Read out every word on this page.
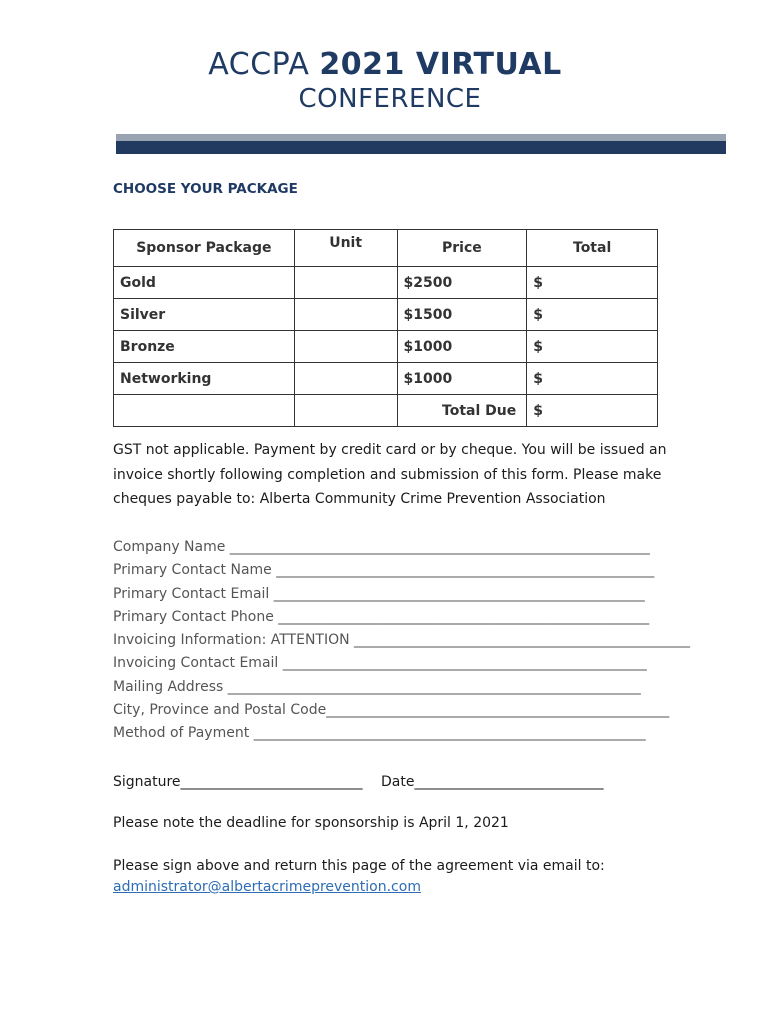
ACCPA 2021 VIRTUAL
CONFERENCE
CHOOSE YOUR PACKAGE
Sponsor Package	Unit	Price	Total
Gold		$2500	$
Silver		$1500	$
Bronze		$1000	$
Networking		$1000	$
		Total Due	$
GST not applicable. Payment by credit card or by cheque. You will be issued an invoice shortly following completion and submission of this form. Please make cheques payable to: Alberta Community Crime Prevention Association
Company Name ____________________________________________________________
Primary Contact Name ______________________________________________________
Primary Contact Email _____________________________________________________
Primary Contact Phone _____________________________________________________
Invoicing Information: ATTENTION ________________________________________________
Invoicing Contact Email ____________________________________________________
Mailing Address ___________________________________________________________
City, Province and Postal Code_________________________________________________
Method of Payment ________________________________________________________
Signature__________________________ Date___________________________
Please note the deadline for sponsorship is April 1, 2021
Please sign above and return this page of the agreement via email to:
administrator@albertacrimeprevention.com
